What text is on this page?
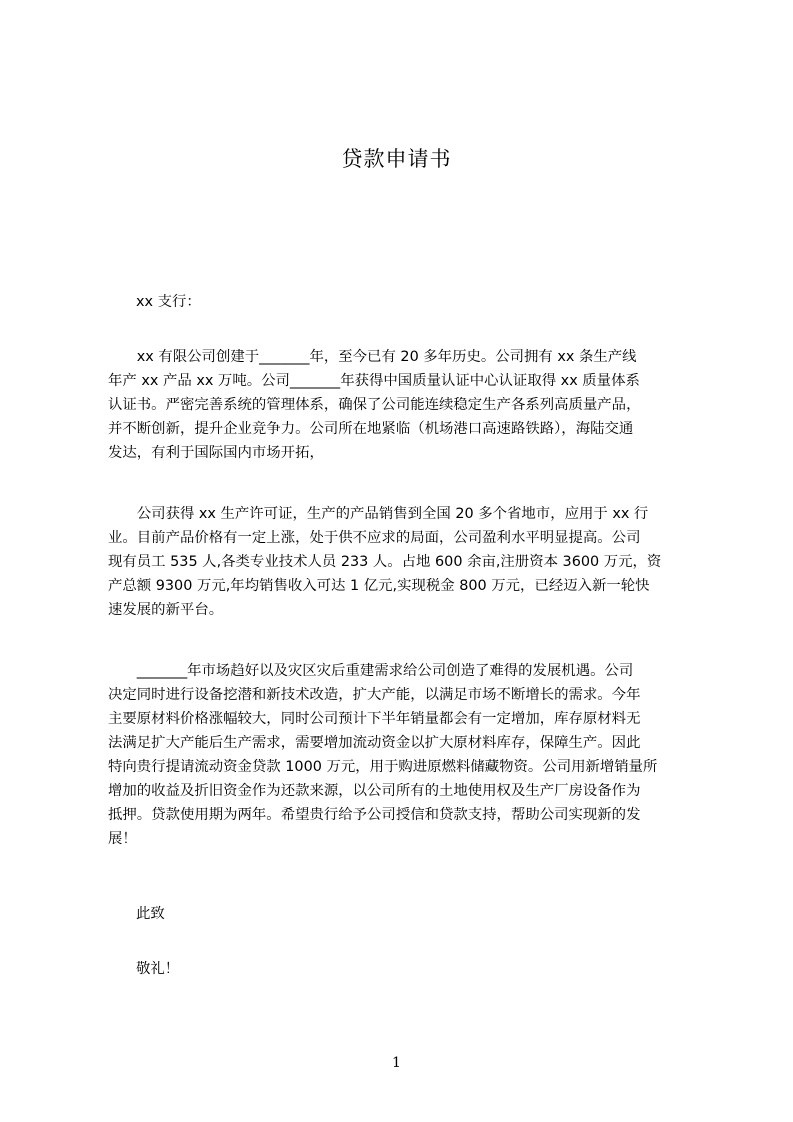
贷款申请书
xx 支行：
　　xx 有限公司创建于_______年，至今已有 20 多年历史。公司拥有 xx 条生产线
年产 xx 产品 xx 万吨。公司_______年获得中国质量认证中心认证取得 xx 质量体系
认证书。严密完善系统的管理体系，确保了公司能连续稳定生产各系列高质量产品，
并不断创新，提升企业竞争力。公司所在地紧临（机场港口高速路铁路），海陆交通
发达，有利于国际国内市场开拓，
　　公司获得 xx 生产许可证，生产的产品销售到全国 20 多个省地市，应用于 xx 行
业。目前产品价格有一定上涨，处于供不应求的局面，公司盈利水平明显提高。公司
现有员工 535 人,各类专业技术人员 233 人。占地 600 余亩,注册资本 3600 万元，资
产总额 9300 万元,年均销售收入可达 1 亿元,实现税金 800 万元，已经迈入新一轮快
速发展的新平台。
　　_______年市场趋好以及灾区灾后重建需求给公司创造了难得的发展机遇。公司
决定同时进行设备挖潜和新技术改造，扩大产能，以满足市场不断增长的需求。今年
主要原材料价格涨幅较大，同时公司预计下半年销量都会有一定增加，库存原材料无
法满足扩大产能后生产需求，需要增加流动资金以扩大原材料库存，保障生产。因此
特向贵行提请流动资金贷款 1000 万元，用于购进原燃料储藏物资。公司用新增销量所
增加的收益及折旧资金作为还款来源，以公司所有的土地使用权及生产厂房设备作为
抵押。贷款使用期为两年。希望贵行给予公司授信和贷款支持，帮助公司实现新的发
展！
此致
敬礼！
1
